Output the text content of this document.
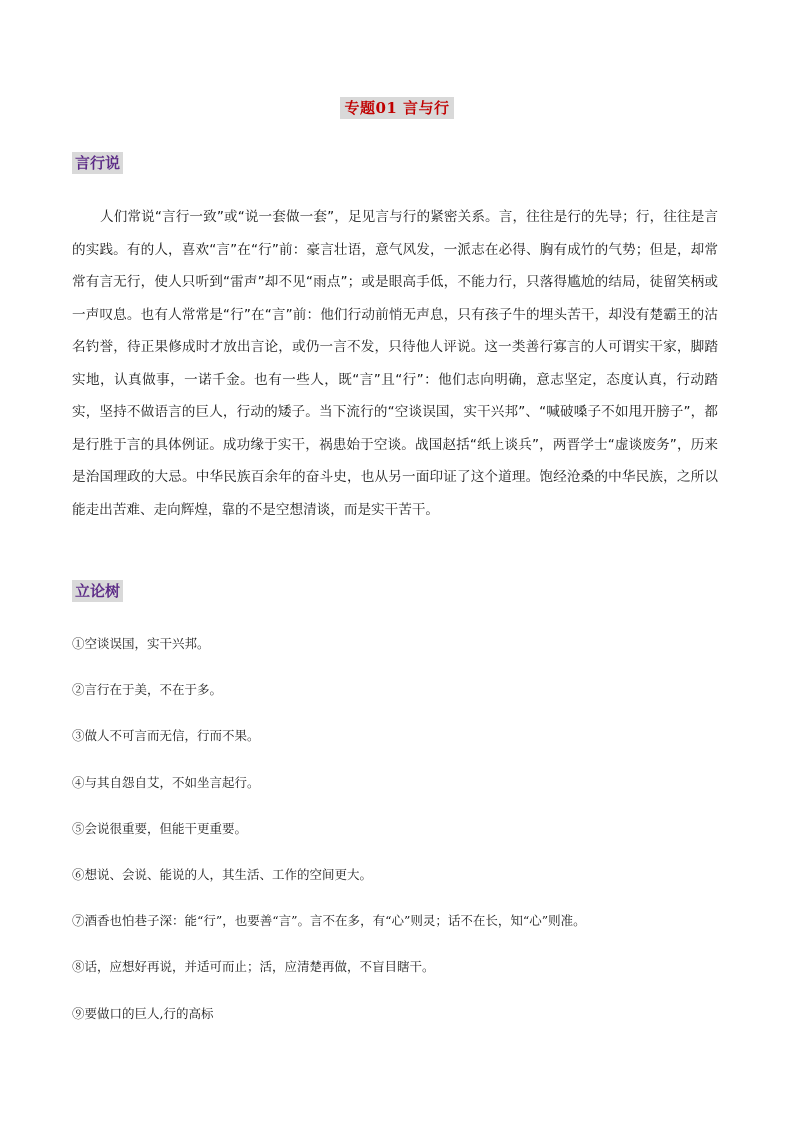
专题01 言与行
言行说

人们常说“言行一致”或“说一套做一套”，足见言与行的紧密关系。言，往往是行的先导；行，往往是言的实践。有的人，喜欢“言”在“行”前：豪言壮语，意气风发，一派志在必得、胸有成竹的气势；但是，却常常有言无行，使人只听到“雷声”却不见“雨点”；或是眼高手低，不能力行，只落得尴尬的结局，徒留笑柄或一声叹息。也有人常常是“行”在“言”前：他们行动前悄无声息，只有孩子牛的埋头苦干，却没有楚霸王的沽名钓誉，待正果修成时才放出言论，或仍一言不发，只待他人评说。这一类善行寡言的人可谓实干家，脚踏实地，认真做事，一诺千金。也有一些人，既“言”且“行”：他们志向明确，意志坚定，态度认真，行动踏实，坚持不做语言的巨人，行动的矮子。当下流行的“空谈误国，实干兴邦”、“喊破嗓子不如甩开膀子”，都是行胜于言的具体例证。成功缘于实干，祸患始于空谈。战国赵括“纸上谈兵”，两晋学士“虚谈废务”，历来是治国理政的大忌。中华民族百余年的奋斗史，也从另一面印证了这个道理。饱经沧桑的中华民族，之所以能走出苦难、走向辉煌，靠的不是空想清谈，而是实干苦干。

立论树
①空谈误国，实干兴邦。
②言行在于美，不在于多。
③做人不可言而无信，行而不果。
④与其自怨自艾，不如坐言起行。
⑤会说很重要，但能干更重要。
⑥想说、会说、能说的人，其生活、工作的空间更大。
⑦酒香也怕巷子深：能“行”，也要善“言”。言不在多，有“心”则灵；话不在长，知“心”则准。
⑧话，应想好再说，并适可而止；活，应清楚再做，不盲目瞎干。
⑨要做口的巨人,行的高标
